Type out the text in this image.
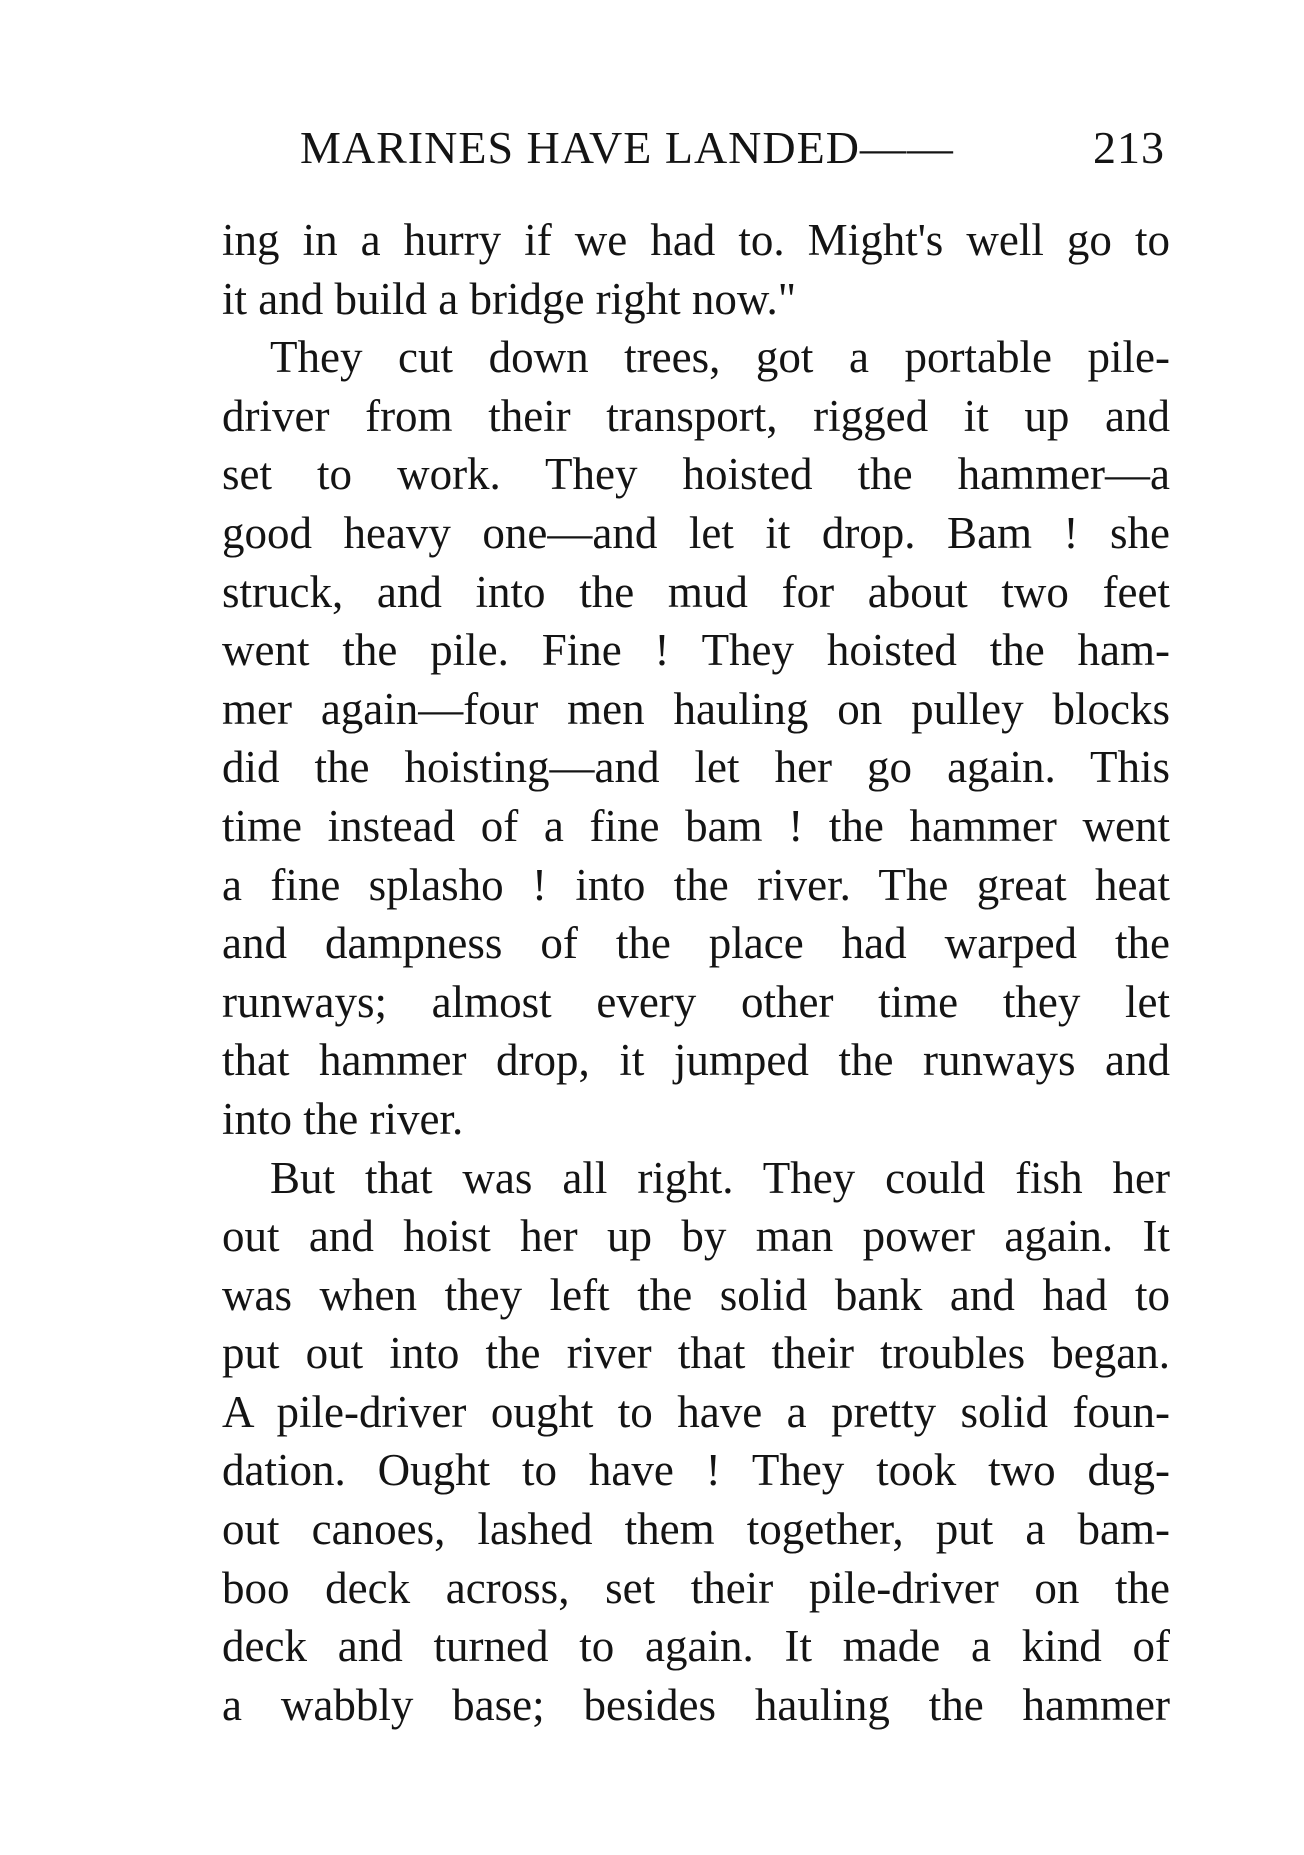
MARINES HAVE LANDED——	213
ing in a hurry if we had to. Might's well go to
it and build a bridge right now."
They cut down trees, got a portable pile-
driver from their transport, rigged it up and
set to work. They hoisted the hammer—a
good heavy one—and let it drop. Bam ! she
struck, and into the mud for about two feet
went the pile. Fine ! They hoisted the ham-
mer again—four men hauling on pulley blocks
did the hoisting—and let her go again. This
time instead of a fine bam ! the hammer went
a fine splasho ! into the river. The great heat
and dampness of the place had warped the
runways; almost every other time they let
that hammer drop, it jumped the runways and
into the river.
But that was all right. They could fish her
out and hoist her up by man power again. It
was when they left the solid bank and had to
put out into the river that their troubles began.
A pile-driver ought to have a pretty solid foun-
dation. Ought to have ! They took two dug-
out canoes, lashed them together, put a bam-
boo deck across, set their pile-driver on the
deck and turned to again. It made a kind of
a wabbly base; besides hauling the hammer
